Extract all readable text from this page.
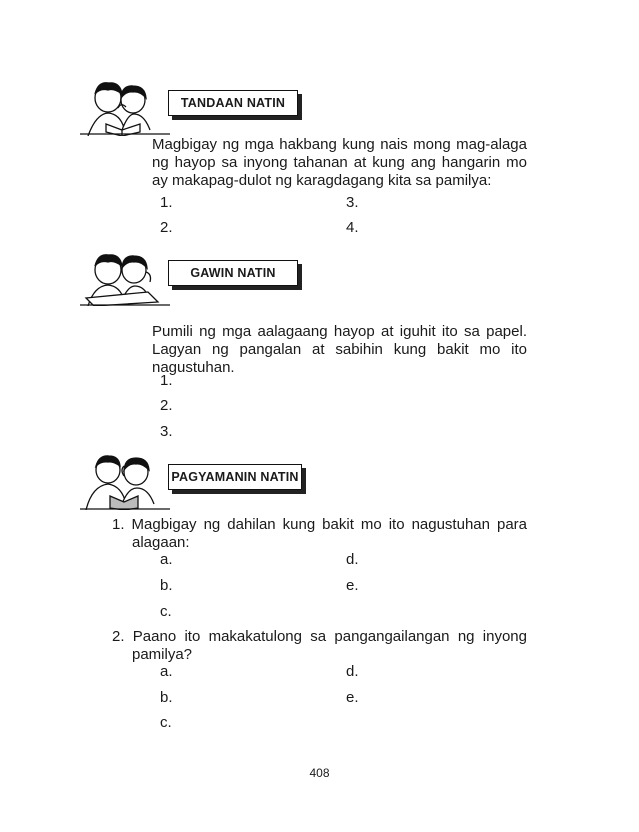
TANDAAN NATIN
Magbigay ng mga hakbang kung nais mong mag-alaga ng hayop sa inyong tahanan at kung ang hangarin mo ay makapag-dulot ng karagdagang kita sa pamilya:
1.
2.
3.
4.
GAWIN NATIN
Pumili ng mga aalagaang hayop at iguhit ito sa papel. Lagyan ng pangalan at sabihin kung bakit mo ito nagustuhan.
1.
2.
3.
PAGYAMANIN NATIN
1. Magbigay ng dahilan kung bakit mo ito nagustuhan para alagaan:
a.
b.
c.
d.
e.
2. Paano ito makakatulong sa pangangailangan ng inyong pamilya?
a.
b.
c.
d.
e.
408
